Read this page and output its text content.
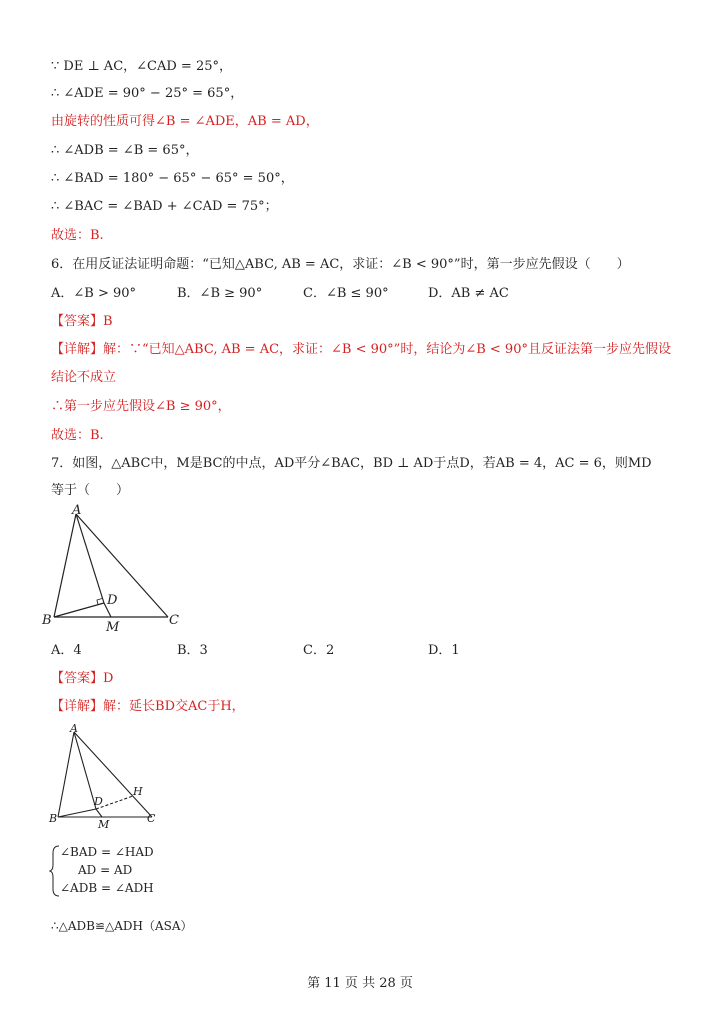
∵ DE ⊥ AC，∠CAD = 25°，
∴ ∠ADE = 90° − 25° = 65°，
由旋转的性质可得∠B = ∠ADE，AB = AD，
∴ ∠ADB = ∠B = 65°，
∴ ∠BAD = 180° − 65° − 65° = 50°，
∴ ∠BAC = ∠BAD + ∠CAD = 75°；
故选：B.
6．在用反证法证明命题：“已知△ABC, AB = AC，求证：∠B < 90°”时，第一步应先假设（　　）
A．∠B > 90°	B．∠B ≥ 90°	C．∠B ≤ 90°	D．AB ≠ AC
【答案】B
【详解】解：∵“已知△ABC, AB = AC，求证：∠B < 90°”时，结论为∠B < 90°且反证法第一步应先假设
结论不成立
∴第一步应先假设∠B ≥ 90°，
故选：B.
7．如图，△ABC中，M是BC的中点，AD平分∠BAC，BD ⊥ AD于点D，若AB = 4，AC = 6，则MD
等于（　　）
A
B	C
D
M
A．4	B．3	C．2	D．1
【答案】D
【详解】解：延长BD交AC于H，
A
B	C
D
M
H
∠BAD = ∠HAD
AD = AD
∠ADB = ∠ADH
∴△ADB≌△ADH（ASA）
第 11 页 共 28 页
